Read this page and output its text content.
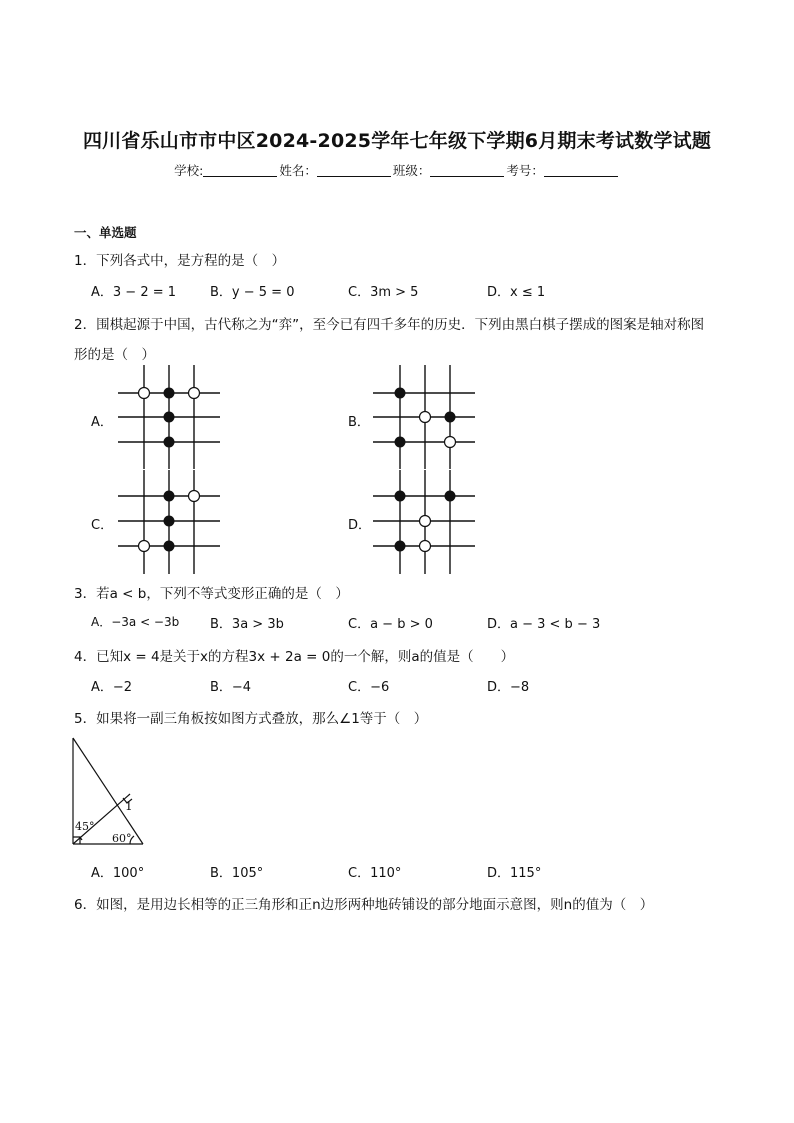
四川省乐山市市中区2024-2025学年七年级下学期6月期末考试数学试题
学校:	姓名：	班级：	考号：
一、单选题
1．下列各式中，是方程的是（　）
A．3 − 2 = 1	B．y − 5 = 0	C．3m > 5	D．x ≤ 1
2．围棋起源于中国，古代称之为“弈”，至今已有四千多年的历史．下列由黑白棋子摆成的图案是轴对称图
形的是（　）
A．	B．
C．	D．
3．若a < b，下列不等式变形正确的是（　）
A．−3a < −3b B．3a > 3b	C．a − b > 0	D．a − 3 < b − 3
4．已知x = 4是关于x的方程3x + 2a = 0的一个解，则a的值是（　　）
A．−2	B．−4	C．−6	D．−8
5．如果将一副三角板按如图方式叠放，那么∠1等于（　）
1
45°
60°
A．100°	B．105°	C．110°	D．115°
6．如图，是用边长相等的正三角形和正n边形两种地砖铺设的部分地面示意图，则n的值为（　）
